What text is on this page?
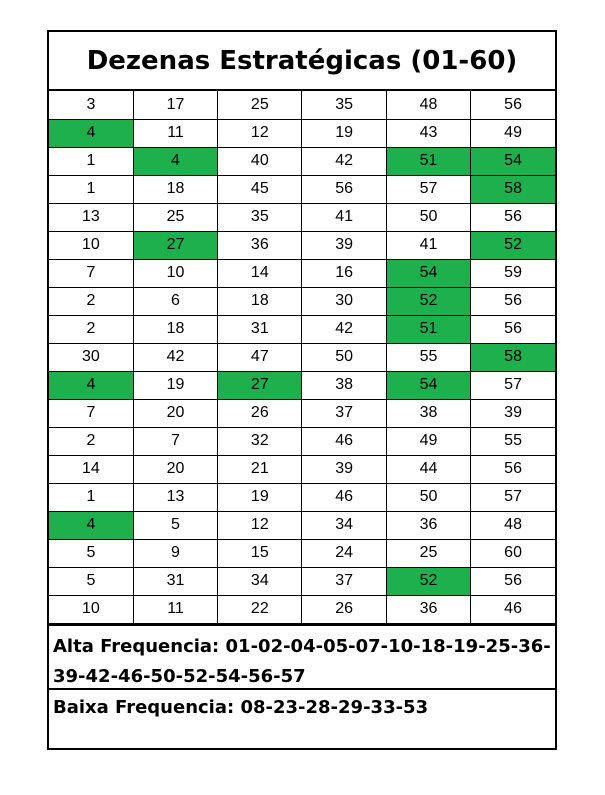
Dezenas Estratégicas (01-60)
3	17	25	35	48	56
4	11	12	19	43	49
1	4	40	42	51	54
1	18	45	56	57	58
13	25	35	41	50	56
10	27	36	39	41	52
7	10	14	16	54	59
2	6	18	30	52	56
2	18	31	42	51	56
30	42	47	50	55	58
4	19	27	38	54	57
7	20	26	37	38	39
2	7	32	46	49	55
14	20	21	39	44	56
1	13	19	46	50	57
4	5	12	34	36	48
5	9	15	24	25	60
5	31	34	37	52	56
10	11	22	26	36	46
Alta Frequencia: 01-02-04-05-07-10-18-19-25-36-
39-42-46-50-52-54-56-57
Baixa Frequencia: 08-23-28-29-33-53
